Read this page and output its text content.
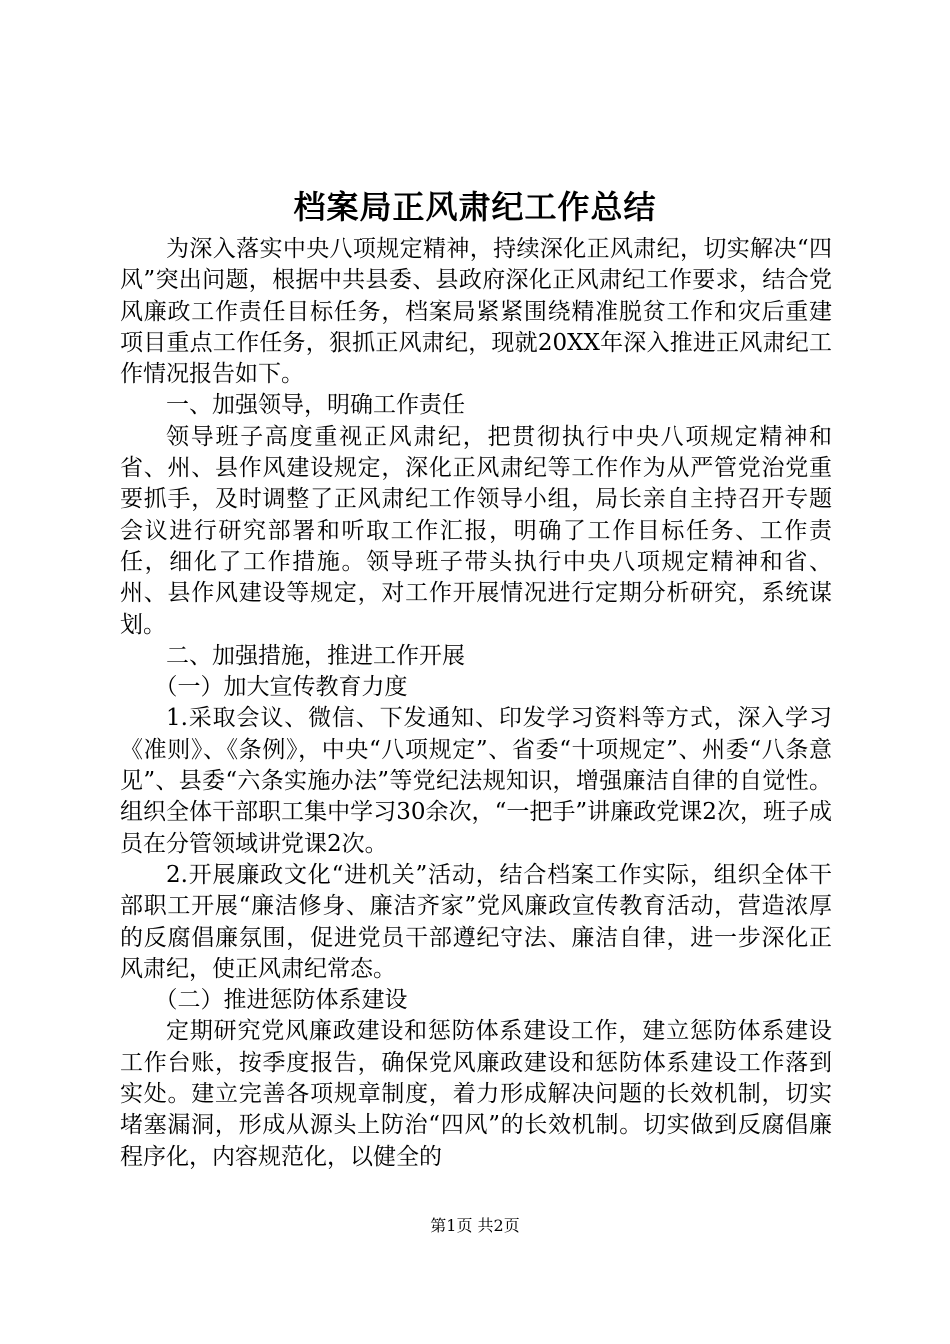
档案局正风肃纪工作总结

为深入落实中央八项规定精神，持续深化正风肃纪，切实解决“四风”突出问题，根据中共县委、县政府深化正风肃纪工作要求，结合党风廉政工作责任目标任务，档案局紧紧围绕精准脱贫工作和灾后重建项目重点工作任务，狠抓正风肃纪，现就20XX年深入推进正风肃纪工作情况报告如下。

一、加强领导，明确工作责任

领导班子高度重视正风肃纪，把贯彻执行中央八项规定精神和省、州、县作风建设规定，深化正风肃纪等工作作为从严管党治党重要抓手，及时调整了正风肃纪工作领导小组，局长亲自主持召开专题会议进行研究部署和听取工作汇报，明确了工作目标任务、工作责任，细化了工作措施。领导班子带头执行中央八项规定精神和省、州、县作风建设等规定，对工作开展情况进行定期分析研究，系统谋划。

二、加强措施，推进工作开展

（一）加大宣传教育力度

1.采取会议、微信、下发通知、印发学习资料等方式，深入学习《准则》、《条例》，中央“八项规定”、省委“十项规定”、州委“八条意见”、县委“六条实施办法”等党纪法规知识，增强廉洁自律的自觉性。组织全体干部职工集中学习30余次，“一把手”讲廉政党课2次，班子成员在分管领域讲党课2次。

2.开展廉政文化“进机关”活动，结合档案工作实际，组织全体干部职工开展“廉洁修身、廉洁齐家”党风廉政宣传教育活动，营造浓厚的反腐倡廉氛围，促进党员干部遵纪守法、廉洁自律，进一步深化正风肃纪，使正风肃纪常态。

（二）推进惩防体系建设

定期研究党风廉政建设和惩防体系建设工作，建立惩防体系建设工作台账，按季度报告，确保党风廉政建设和惩防体系建设工作落到实处。建立完善各项规章制度，着力形成解决问题的长效机制，切实堵塞漏洞，形成从源头上防治“四风”的长效机制。切实做到反腐倡廉程序化，内容规范化，以健全的

第1页 共2页
